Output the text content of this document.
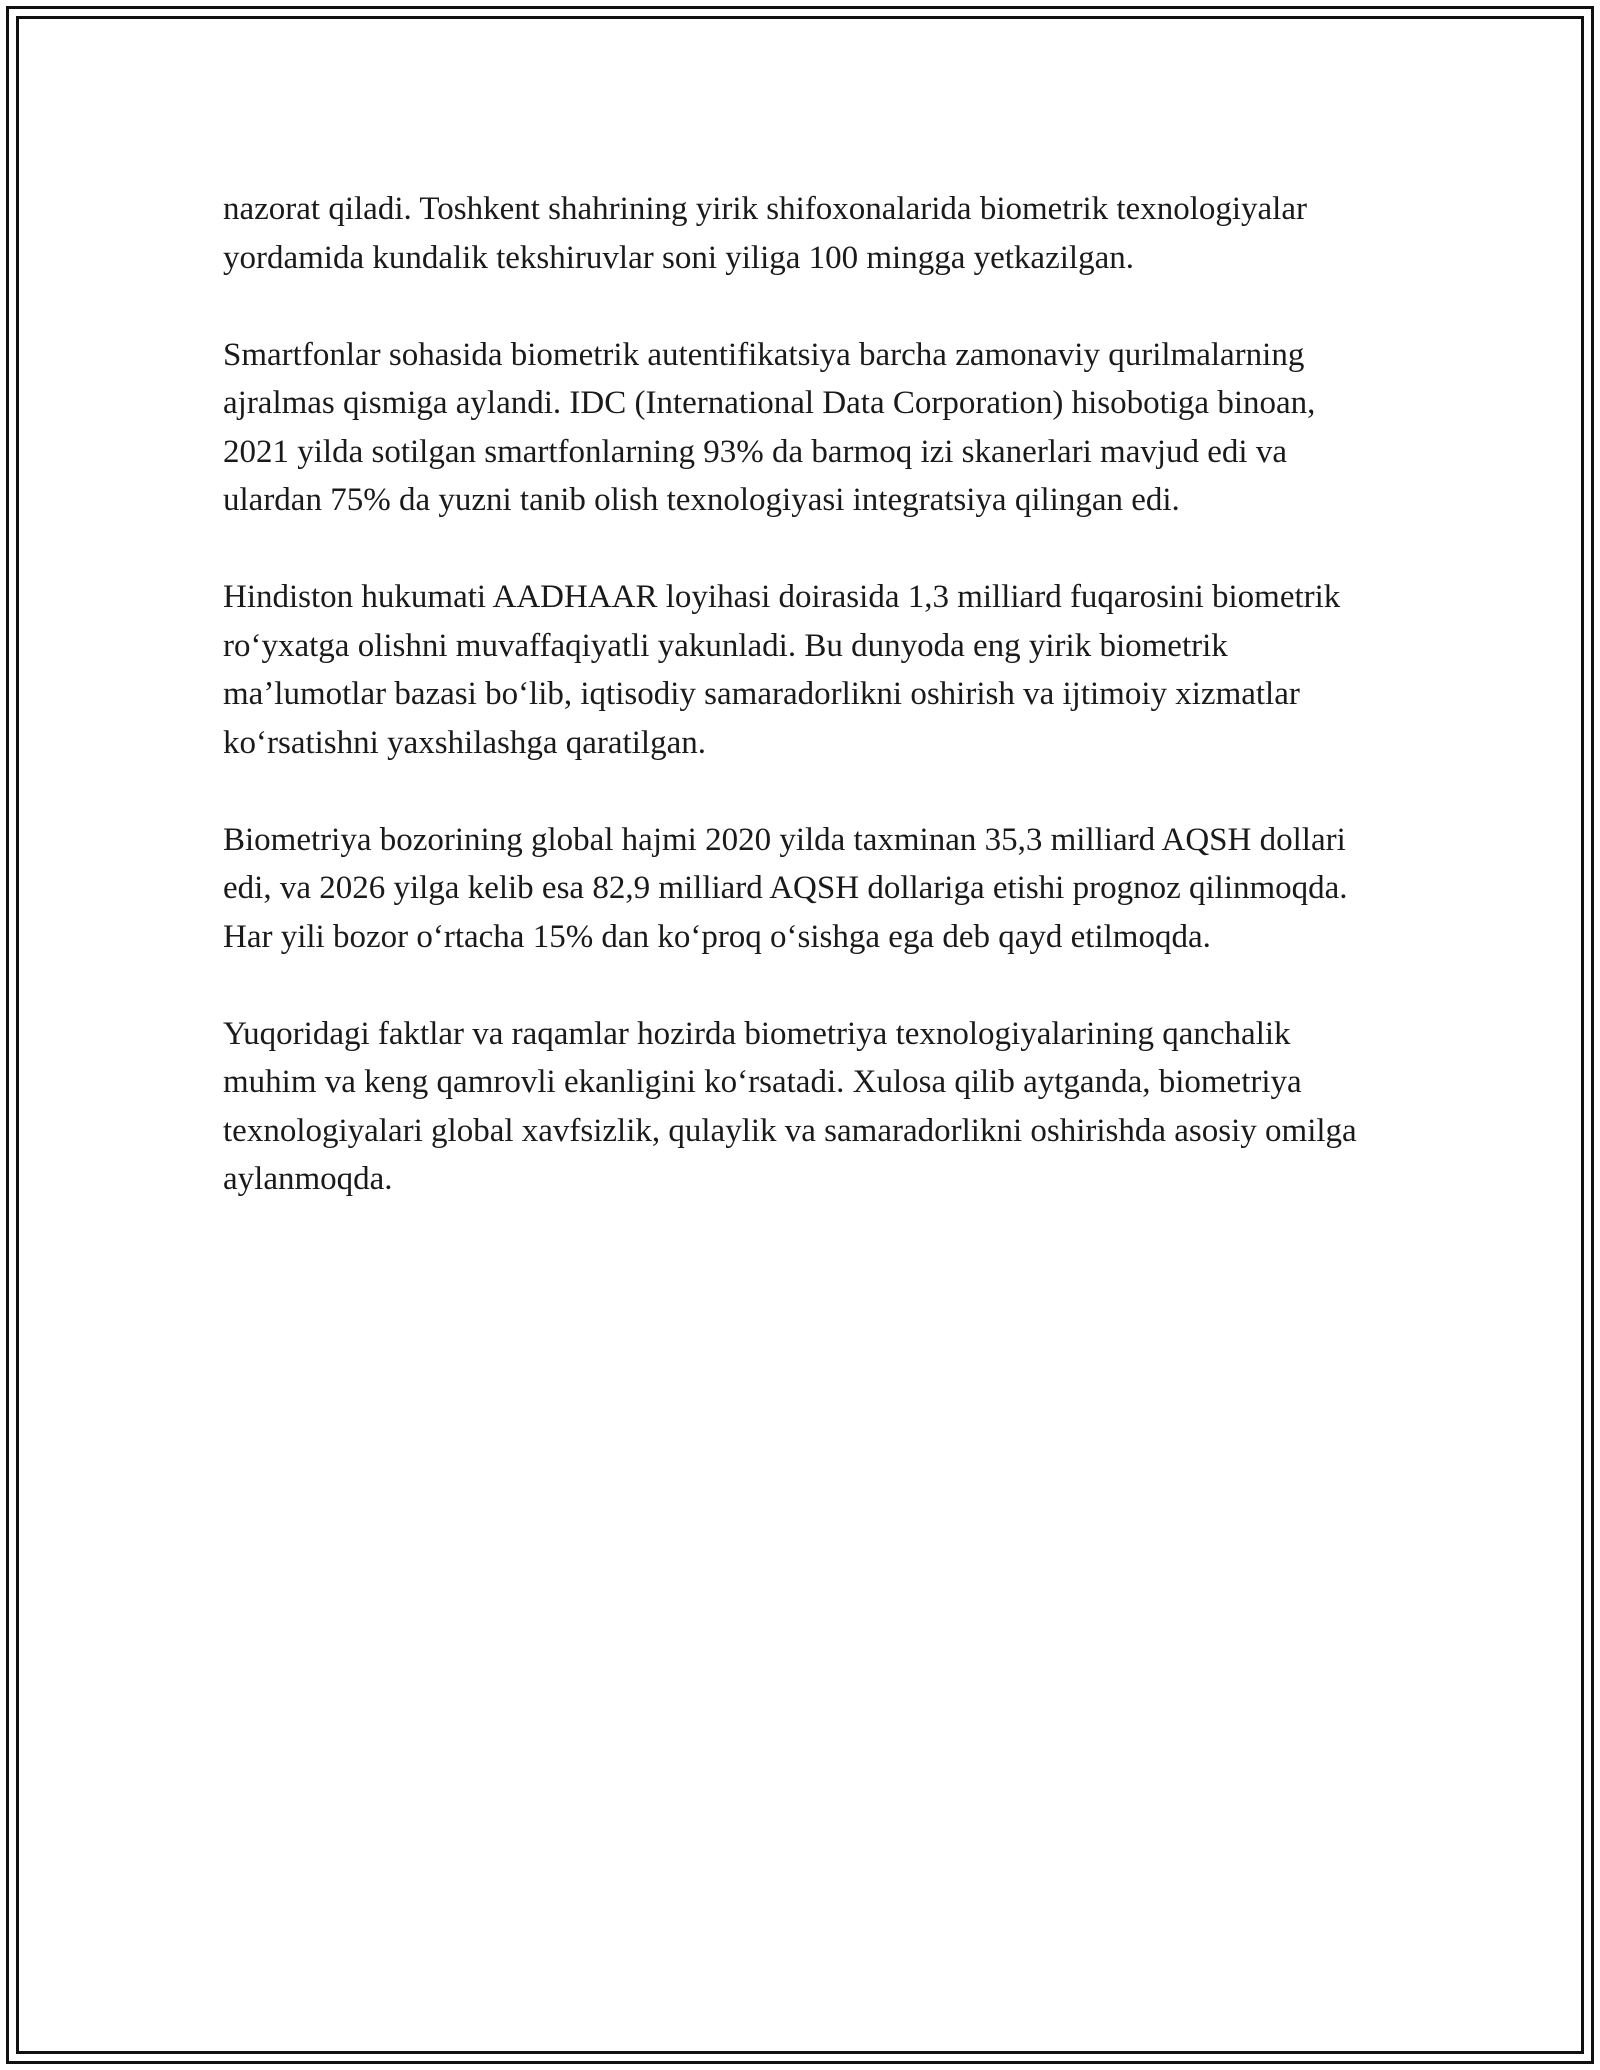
nazorat qiladi. Toshkent shahrining yirik shifoxonalarida biometrik texnologiyalar yordamida kundalik tekshiruvlar soni yiliga 100 mingga yetkazilgan.

Smartfonlar sohasida biometrik autentifikatsiya barcha zamonaviy qurilmalarning ajralmas qismiga aylandi. IDC (International Data Corporation) hisobotiga binoan, 2021 yilda sotilgan smartfonlarning 93% da barmoq izi skanerlari mavjud edi va ulardan 75% da yuzni tanib olish texnologiyasi integratsiya qilingan edi.

Hindiston hukumati AADHAAR loyihasi doirasida 1,3 milliard fuqarosini biometrik roʻyxatga olishni muvaffaqiyatli yakunladi. Bu dunyoda eng yirik biometrik maʼlumotlar bazasi boʻlib, iqtisodiy samaradorlikni oshirish va ijtimoiy xizmatlar koʻrsatishni yaxshilashga qaratilgan.

Biometriya bozorining global hajmi 2020 yilda taxminan 35,3 milliard AQSH dollari edi, va 2026 yilga kelib esa 82,9 milliard AQSH dollariga etishi prognoz qilinmoqda. Har yili bozor oʻrtacha 15% dan koʻproq oʻsishga ega deb qayd etilmoqda.

Yuqoridagi faktlar va raqamlar hozirda biometriya texnologiyalarining qanchalik muhim va keng qamrovli ekanligini koʻrsatadi. Xulosa qilib aytganda, biometriya texnologiyalari global xavfsizlik, qulaylik va samaradorlikni oshirishda asosiy omilga aylanmoqda.
